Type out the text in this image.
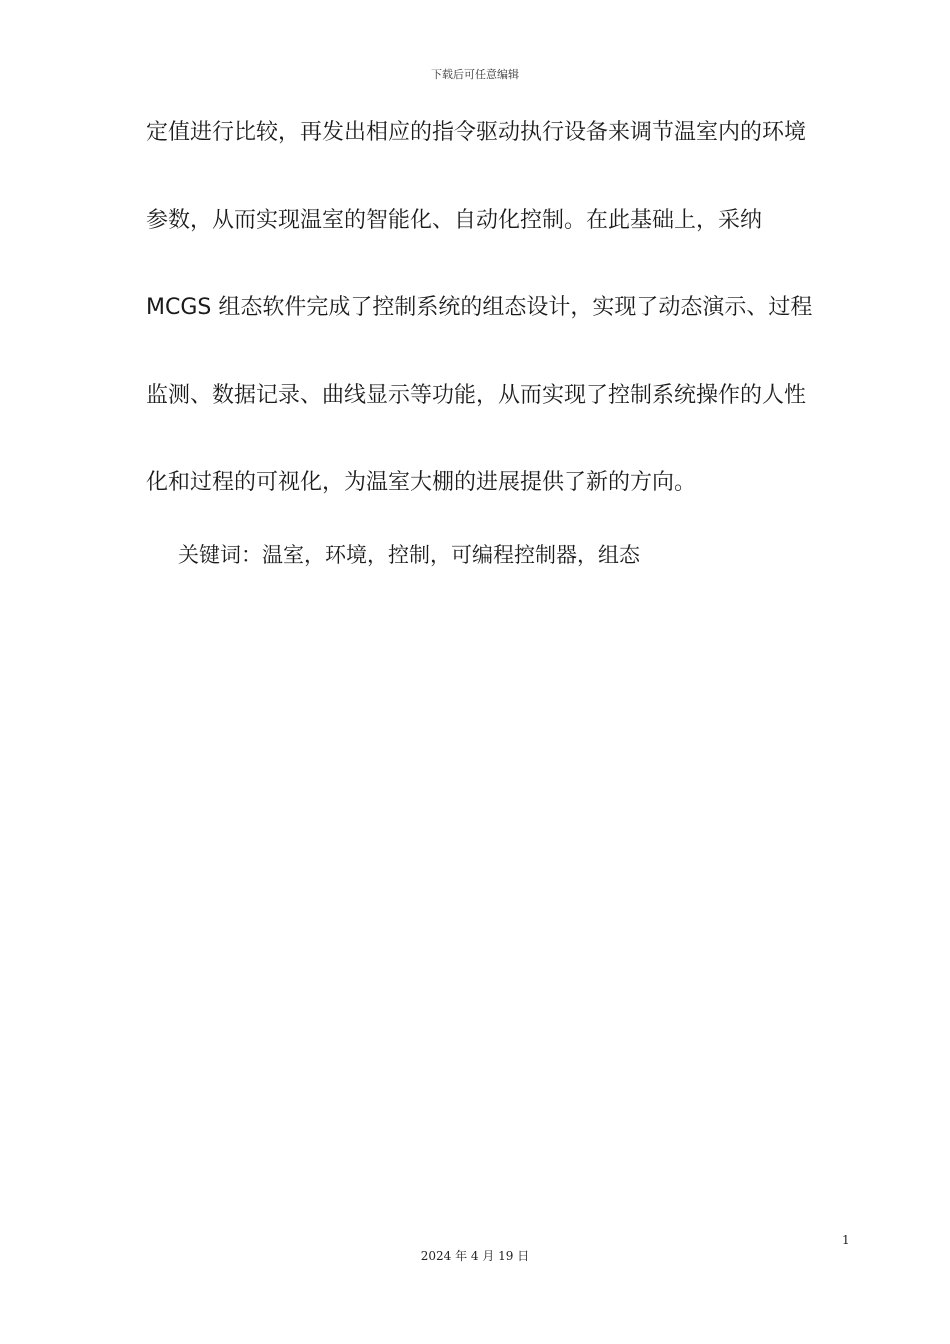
下载后可任意编辑
定值进行比较，再发出相应的指令驱动执行设备来调节温室内的环境
参数，从而实现温室的智能化、自动化控制。在此基础上，采纳
MCGS 组态软件完成了控制系统的组态设计，实现了动态演示、过程
监测、数据记录、曲线显示等功能，从而实现了控制系统操作的人性
化和过程的可视化，为温室大棚的进展提供了新的方向。
关键词：温室，环境，控制，可编程控制器，组态
1
2024 年 4 月 19 日
